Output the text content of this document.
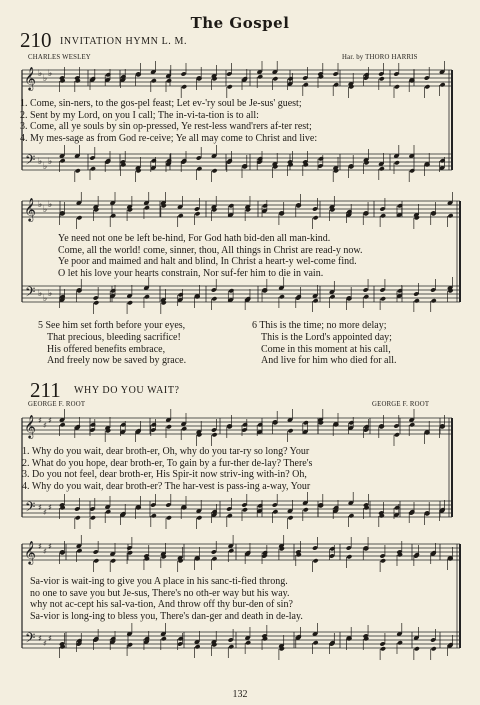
The Gospel
210 INVITATION HYMN L. M.
CHARLES WESLEY	Har. by THORO HARRIS
𝄞
𝄢
♭
♭
♭
♭
♭
♭
1. Come, sin-ners, to the gos-pel feast; Let ev-'ry soul be Je-sus' guest;
2. Sent by my Lord, on you I call; The in-vi-ta-tion is to all:
3. Come, all ye souls by sin op-pressed, Ye rest-less wand'rers af-ter rest;
4. My mes-sage as from God re-ceive; Ye all may come to Christ and live:
𝄞
𝄢
♭
♭
♭
♭
♭
♭
Ye need not one be left be-hind, For God hath bid-den all man-kind.
Come, all the world! come, sinner, thou, All things in Christ are read-y now.
Ye poor and maimed and halt and blind, In Christ a heart-y wel-come find.
O let his love your hearts constrain, Nor suf-fer him to die in vain.
5 See him set forth before your eyes,
That precious, bleeding sacrifice!
His offered benefits embrace,
And freely now be saved by grace.
6 This is the time; no more delay;
This is the Lord's appointed day;
Come in this moment at his call,
And live for him who died for all.
211 WHY DO YOU WAIT?
GEORGE F. ROOT	GEORGE F. ROOT
𝄞
𝄢
♯
♯
♯
♯
♯
♯
1. Why do you wait, dear broth-er, Oh, why do you tar-ry so long? Your
2. What do you hope, dear broth-er, To gain by a fur-ther de-lay? There's
3. Do you not feel, dear broth-er, His Spir-it now striv-ing with-in? Oh,
4. Why do you wait, dear broth-er? The har-vest is pass-ing a-way, Your
𝄞
𝄢
♯
♯
♯
♯
♯
♯
Sa-vior is wait-ing to give you A place in his sanc-ti-fied throng.
no one to save you but Je-sus, There's no oth-er way but his way.
why not ac-cept his sal-va-tion, And throw off thy bur-den of sin?
Sa-vior is long-ing to bless you, There's dan-ger and death in de-lay.
132
